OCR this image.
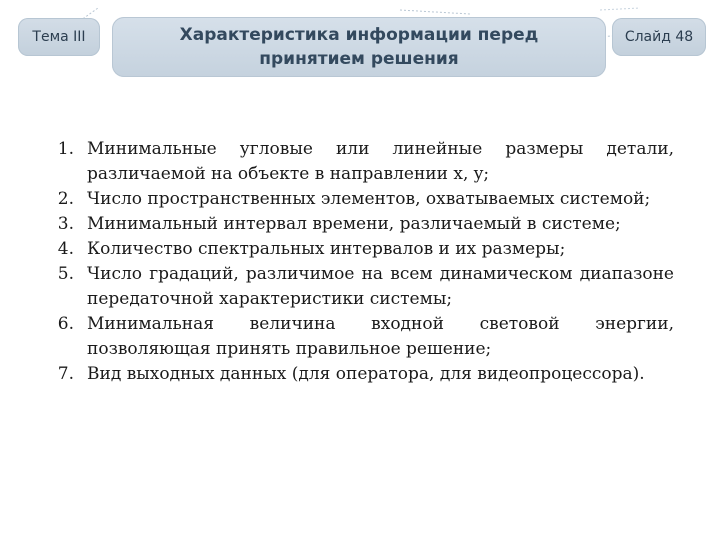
Тема III	Характеристика информации перед принятием решения
Слайд 48
1. Минимальные угловые или линейные размеры детали, различаемой на объекте в направлении x, y;
2. Число пространственных элементов, охватываемых системой;
3. Минимальный интервал времени, различаемый в системе;
4. Количество спектральных интервалов и их размеры;
5. Число градаций, различимое на всем динамическом диапазоне передаточной характеристики системы;
6. Минимальная величина входной световой энергии, позволяющая принять правильное решение;
7. Вид выходных данных (для оператора, для видеопроцессора).
